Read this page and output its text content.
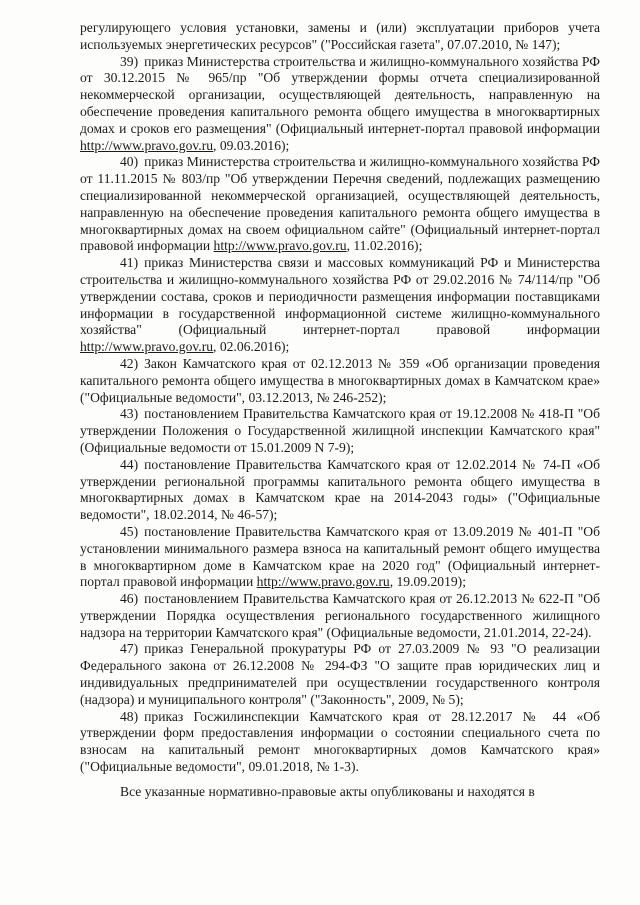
регулирующего условия установки, замены и (или) эксплуатации приборов учета используемых энергетических ресурсов" ("Российская газета", 07.07.2010, № 147);

39) приказ Министерства строительства и жилищно-коммунального хозяйства РФ от 30.12.2015 № 965/пр "Об утверждении формы отчета специализированной некоммерческой организации, осуществляющей деятельность, направленную на обеспечение проведения капитального ремонта общего имущества в многоквартирных домах и сроков его размещения" (Официальный интернет-портал правовой информации http://www.pravo.gov.ru, 09.03.2016);

40) приказ Министерства строительства и жилищно-коммунального хозяйства РФ от 11.11.2015 № 803/пр "Об утверждении Перечня сведений, подлежащих размещению специализированной некоммерческой организацией, осуществляющей деятельность, направленную на обеспечение проведения капитального ремонта общего имущества в многоквартирных домах на своем официальном сайте" (Официальный интернет-портал правовой информации http://www.pravo.gov.ru, 11.02.2016);

41) приказ Министерства связи и массовых коммуникаций РФ и Министерства строительства и жилищно-коммунального хозяйства РФ от 29.02.2016 № 74/114/пр "Об утверждении состава, сроков и периодичности размещения информации поставщиками информации в государственной информационной системе жилищно-коммунального хозяйства" (Официальный интернет-портал правовой информации http://www.pravo.gov.ru, 02.06.2016);

42) Закон Камчатского края от 02.12.2013 № 359 «Об организации проведения капитального ремонта общего имущества в многоквартирных домах в Камчатском крае» ("Официальные ведомости", 03.12.2013, № 246-252);

43) постановлением Правительства Камчатского края от 19.12.2008 № 418-П "Об утверждении Положения о Государственной жилищной инспекции Камчатского края" (Официальные ведомости от 15.01.2009 N 7-9);

44) постановление Правительства Камчатского края от 12.02.2014 № 74-П «Об утверждении региональной программы капитального ремонта общего имущества в многоквартирных домах в Камчатском крае на 2014-2043 годы» ("Официальные ведомости", 18.02.2014, № 46-57);

45) постановление Правительства Камчатского края от 13.09.2019 № 401-П "Об установлении минимального размера взноса на капитальный ремонт общего имущества в многоквартирном доме в Камчатском крае на 2020 год" (Официальный интернет-портал правовой информации http://www.pravo.gov.ru, 19.09.2019);

46) постановлением Правительства Камчатского края от 26.12.2013 № 622-П "Об утверждении Порядка осуществления регионального государственного жилищного надзора на территории Камчатского края" (Официальные ведомости, 21.01.2014, 22-24).

47) приказ Генеральной прокуратуры РФ от 27.03.2009 № 93 "О реализации Федерального закона от 26.12.2008 № 294-ФЗ "О защите прав юридических лиц и индивидуальных предпринимателей при осуществлении государственного контроля (надзора) и муниципального контроля" ("Законность", 2009, № 5);

48) приказ Госжилинспекции Камчатского края от 28.12.2017 № 44 «Об утверждении форм предоставления информации о состоянии специального счета по взносам на капитальный ремонт многоквартирных домов Камчатского края» ("Официальные ведомости", 09.01.2018, № 1-3).

Все указанные нормативно-правовые акты опубликованы и находятся в
